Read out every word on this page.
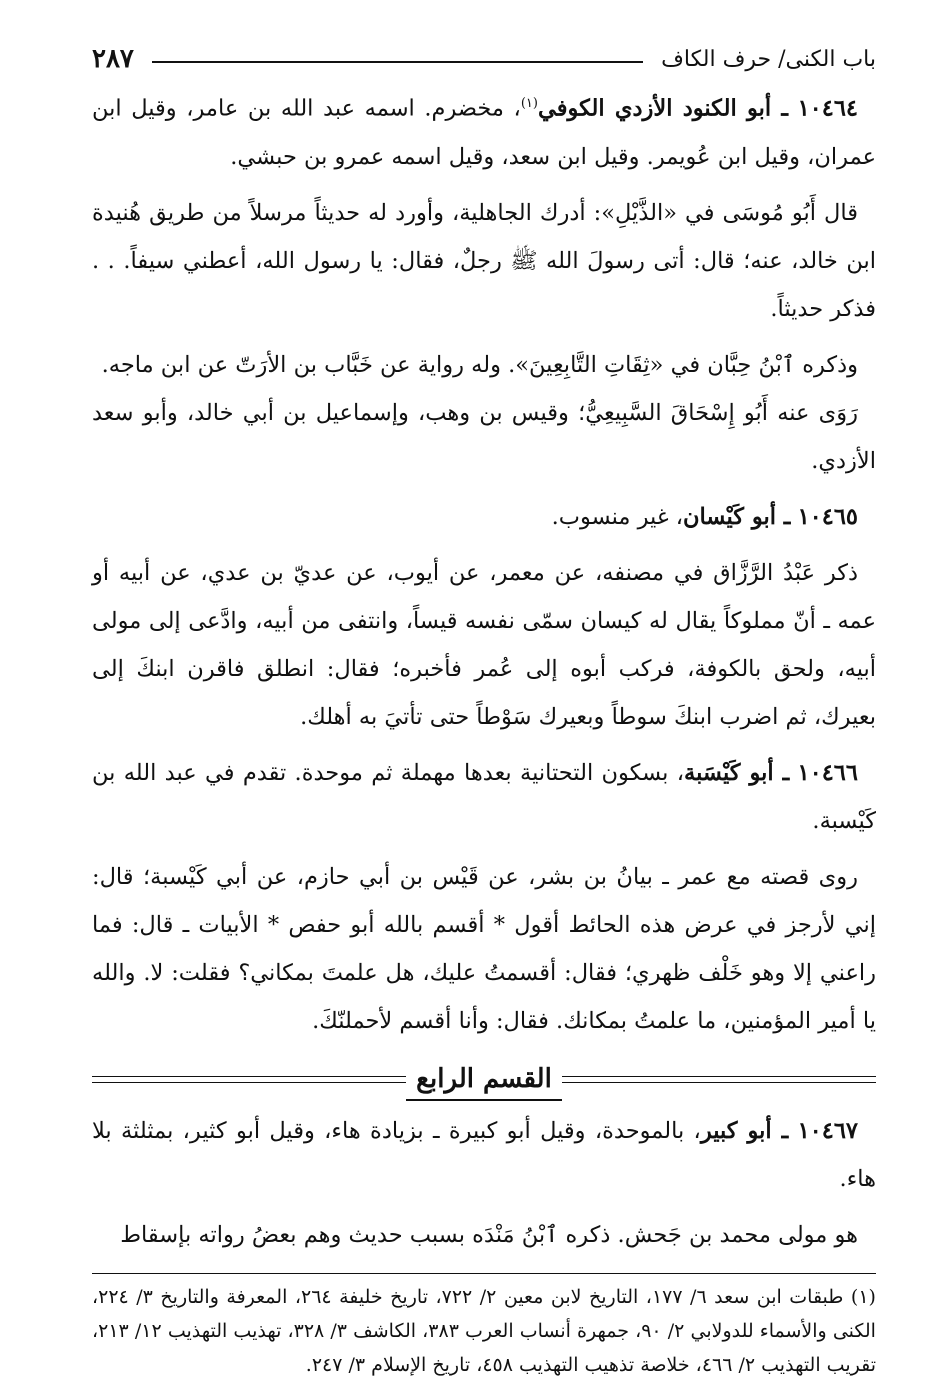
باب الكنى/ حرف الكاف
٢٨٧

١٠٤٦٤ ـ أبو الكنود الأزدي الكوفي$^{(١)}$، مخضرم. اسمه عبد الله بن عامر، وقيل ابن عمران، وقيل ابن عُويمر. وقيل ابن سعد، وقيل اسمه عمرو بن حبشي.

قال أَبُو مُوسَى في «الذَّيْلِ»: أدرك الجاهلية، وأورد له حديثاً مرسلاً من طريق هُنيدة ابن خالد، عنه؛ قال: أتى رسولَ الله ﷺ رجلٌ، فقال: يا رسول الله، أعطني سيفاً. . . فذكر حديثاً.

وذكره ٱبْنُ حِبَّان في «ثِقَاتِ التَّابِعِينَ». وله رواية عن خَبَّاب بن الأرَتّ عن ابن ماجه.

رَوَى عنه أَبُو إِسْحَاقَ السَّبِيعِيُّ؛ وقيس بن وهب، وإسماعيل بن أبي خالد، وأبو سعد الأزدي.

١٠٤٦٥ ـ أبو كَيْسان، غير منسوب.

ذكر عَبْدُ الرَّزَّاق في مصنفه، عن معمر، عن أيوب، عن عديّ بن عدي، عن أبيه أو عمه ـ أنّ مملوكاً يقال له كيسان سمّى نفسه قيساً، وانتفى من أبيه، وادَّعى إلى مولى أبيه، ولحق بالكوفة، فركب أبوه إلى عُمر فأخبره؛ فقال: انطلق فاقرن ابنكَ إلى بعيرك، ثم اضرب ابنكَ سوطاً وبعيرك سَوْطاً حتى تأتيَ به أهلك.

١٠٤٦٦ ـ أبو كَيْسَبة، بسكون التحتانية بعدها مهملة ثم موحدة. تقدم في عبد الله بن كَيْسبة.

روى قصته مع عمر ـ بيانُ بن بشر، عن قَيْس بن أبي حازم، عن أبي كَيْسبة؛ قال: إني لأرجز في عرض هذه الحائط أقول * أقسم بالله أبو حفص * الأبيات ـ قال: فما راعني إلا وهو خَلْف ظهري؛ فقال: أقسمتُ عليك، هل علمتَ بمكاني؟ فقلت: لا. والله يا أمير المؤمنين، ما علمتُ بمكانك. فقال: وأنا أقسم لأحملنّكَ.

القسم الرابع

١٠٤٦٧ ـ أبو كبير، بالموحدة، وقيل أبو كبيرة ـ بزيادة هاء، وقيل أبو كثير، بمثلثة بلا هاء.

هو مولى محمد بن جَحش. ذكره ٱبْنُ مَنْدَه بسبب حديث وهم بعضُ رواته بإسقاط

(١) طبقات ابن سعد ٦/ ١٧٧، التاريخ لابن معين ٢/ ٧٢٢، تاريخ خليفة ٢٦٤، المعرفة والتاريخ ٣/ ٢٢٤، الكنى والأسماء للدولابي ٢/ ٩٠، جمهرة أنساب العرب ٣٨٣، الكاشف ٣/ ٣٢٨، تهذيب التهذيب ١٢/ ٢١٣، تقريب التهذيب ٢/ ٤٦٦، خلاصة تذهيب التهذيب ٤٥٨، تاريخ الإسلام ٣/ ٢٤٧.
